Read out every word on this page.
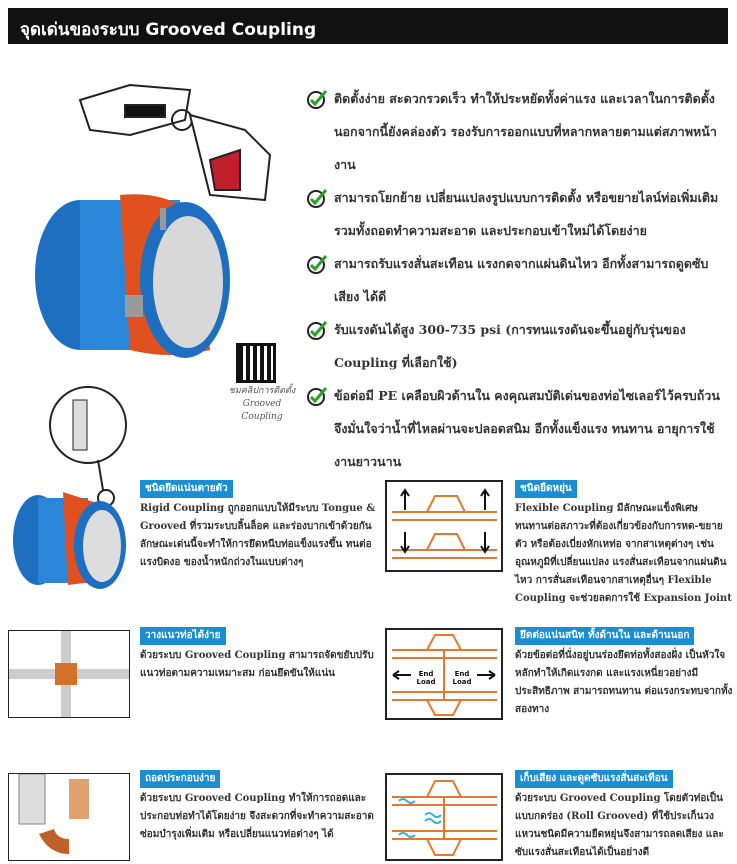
จุดเด่นของระบบ Grooved Coupling
ชมคลิปการติดตั้ง
Grooved Coupling
ติดตั้งง่าย สะดวกรวดเร็ว ทำให้ประหยัดทั้งค่าแรง และเวลาในการติดตั้ง นอกจากนี้ยังคล่องตัว รองรับการออกแบบที่หลากหลายตามแต่สภาพหน้างาน
สามารถโยกย้าย เปลี่ยนแปลงรูปแบบการติดตั้ง หรือขยายไลน์ท่อเพิ่มเติม รวมทั้งถอดทำความสะอาด และประกอบเข้าใหม่ได้โดยง่าย
สามารถรับแรงสั่นสะเทือน แรงกดจากแผ่นดินไหว อีกทั้งสามารถดูดซับเสียง ได้ดี
รับแรงดันได้สูง 300-735 psi (การทนแรงดันจะขึ้นอยู่กับรุ่นของ Coupling ที่เลือกใช้)
ข้อต่อมี PE เคลือบผิวด้านใน คงคุณสมบัติเด่นของท่อไซเลอร์ไว้ครบถ้วน จึงมั่นใจว่าน้ำที่ไหลผ่านจะปลอดสนิม อีกทั้งแข็งแรง ทนทาน อายุการใช้งานยาวนาน
End Load
End Load
ชนิดยึดแน่นตายตัว
Rigid Coupling ถูกออกแบบให้มีระบบ Tongue & Grooved ที่รวมระบบลิ้นล็อค และร่องบากเข้าด้วยกัน ลักษณะเด่นนี้จะทำให้การยึดหนีบท่อแข็งแรงขึ้น ทนต่อแรงบิดงอ ของน้ำหนักถ่วงในแบบต่างๆ
ชนิดยืดหยุ่น
Flexible Coupling มีลักษณะแข็งพิเศษ ทนทานต่อสภาวะที่ต้องเกี่ยวข้องกับการหด-ขยายตัว หรือต้องเบี่ยงหักเหท่อ จากสาเหตุต่างๆ เช่น อุณหภูมิที่เปลี่ยนแปลง แรงสั่นสะเทือนจากแผ่นดินไหว การสั่นสะเทือนจากสาเหตุอื่นๆ Flexible Coupling จะช่วยลดการใช้ Expansion Joint
วางแนวท่อได้ง่าย
ด้วยระบบ Grooved Coupling สามารถจัดขยับปรับ แนวท่อตามความเหมาะสม ก่อนยึดขันให้แน่น
ยึดต่อแน่นสนิท ทั้งด้านใน และด้านนอก
ด้วยข้อต่อที่นั่งอยู่บนร่องยึดท่อทั้งสองฝั่ง เป็นหัวใจหลักทำให้เกิดแรงกด และแรงเหนี่ยวอย่างมีประสิทธิภาพ สามารถทนทาน ต่อแรงกระทบจากทั้งสองทาง
ถอดประกอบง่าย
ด้วยระบบ Grooved Coupling ทำให้การถอดและประกอบท่อทำได้โดยง่าย จึงสะดวกที่จะทำความสะอาด ซ่อมบำรุงเพิ่มเติม หรือเปลี่ยนแนวท่อต่างๆ ได้
เก็บเสียง และดูดซับแรงสั่นสะเทือน
ด้วยระบบ Grooved Coupling โดยตัวท่อเป็นแบบกดร่อง (Roll Grooved) ที่ใช้ประเก็นวงแหวนชนิดมีความยืดหยุ่นจึงสามารถลดเสียง และซับแรงสั่นสะเทือนได้เป็นอย่างดี
